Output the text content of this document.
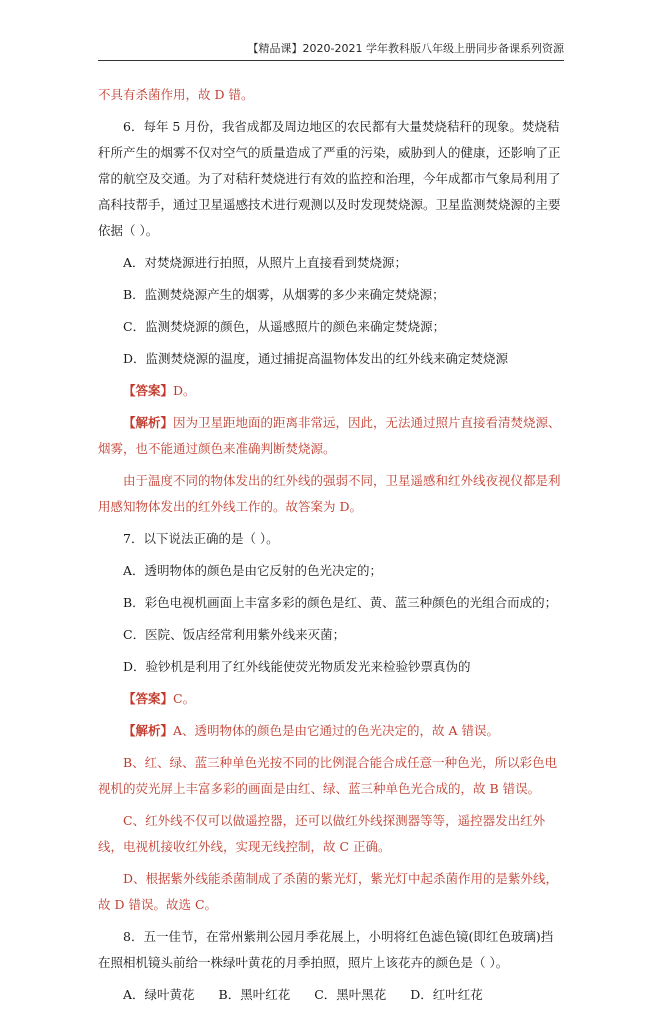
【精品课】2020-2021 学年教科版八年级上册同步备课系列资源

不具有杀菌作用，故 D 错。

6．每年 5 月份，我省成都及周边地区的农民都有大量焚烧秸秆的现象。焚烧秸秆所产生的烟雾不仅对空气的质量造成了严重的污染，威胁到人的健康，还影响了正常的航空及交通。为了对秸秆焚烧进行有效的监控和治理，今年成都市气象局利用了高科技帮手，通过卫星遥感技术进行观测以及时发现焚烧源。卫星监测焚烧源的主要依据（ ）。

A．对焚烧源进行拍照，从照片上直接看到焚烧源；

B．监测焚烧源产生的烟雾，从烟雾的多少来确定焚烧源；

C．监测焚烧源的颜色，从遥感照片的颜色来确定焚烧源；

D．监测焚烧源的温度，通过捕捉高温物体发出的红外线来确定焚烧源

【答案】D。

【解析】因为卫星距地面的距离非常远，因此，无法通过照片直接看清焚烧源、烟雾，也不能通过颜色来准确判断焚烧源。

由于温度不同的物体发出的红外线的强弱不同，卫星遥感和红外线夜视仪都是利用感知物体发出的红外线工作的。故答案为 D。

7．以下说法正确的是（ ）。

A．透明物体的颜色是由它反射的色光决定的；

B．彩色电视机画面上丰富多彩的颜色是红、黄、蓝三种颜色的光组合而成的；

C．医院、饭店经常利用紫外线来灭菌；

D．验钞机是利用了红外线能使荧光物质发光来检验钞票真伪的

【答案】C。

【解析】A、透明物体的颜色是由它通过的色光决定的，故 A 错误。

B、红、绿、蓝三种单色光按不同的比例混合能合成任意一种色光，所以彩色电视机的荧光屏上丰富多彩的画面是由红、绿、蓝三种单色光合成的，故 B 错误。

C、红外线不仅可以做遥控器，还可以做红外线探测器等等，遥控器发出红外线，电视机接收红外线，实现无线控制，故 C 正确。

D、根据紫外线能杀菌制成了杀菌的紫光灯，紫光灯中起杀菌作用的是紫外线，故 D 错误。故选 C。

8．五一佳节，在常州紫荆公园月季花展上，小明将红色滤色镜(即红色玻璃)挡在照相机镜头前给一株绿叶黄花的月季拍照，照片上该花卉的颜色是（ ）。

A．绿叶黄花 B．黑叶红花 C．黑叶黑花 D．红叶红花
